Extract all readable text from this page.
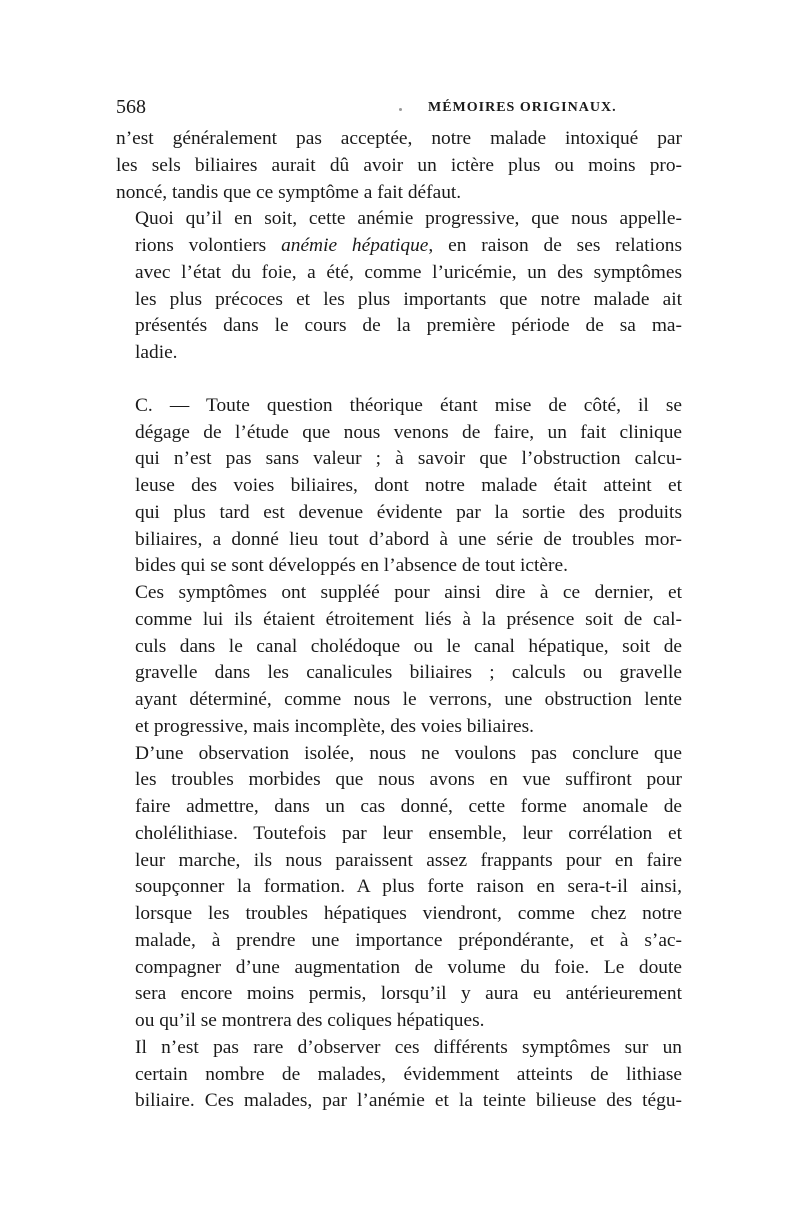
568	MÉMOIRES ORIGINAUX.

n’est généralement pas acceptée, notre malade intoxiqué par
les sels biliaires aurait dû avoir un ictère plus ou moins pro-
noncé, tandis que ce symptôme a fait défaut.

Quoi qu’il en soit, cette anémie progressive, que nous appelle-
rions volontiers anémie hépatique, en raison de ses relations
avec l’état du foie, a été, comme l’uricémie, un des symptômes
les plus précoces et les plus importants que notre malade ait
présentés dans le cours de la première période de sa ma-
ladie.

C. — Toute question théorique étant mise de côté, il se
dégage de l’étude que nous venons de faire, un fait clinique
qui n’est pas sans valeur ; à savoir que l’obstruction calcu-
leuse des voies biliaires, dont notre malade était atteint et
qui plus tard est devenue évidente par la sortie des produits
biliaires, a donné lieu tout d’abord à une série de troubles mor-
bides qui se sont développés en l’absence de tout ictère.

Ces symptômes ont suppléé pour ainsi dire à ce dernier, et
comme lui ils étaient étroitement liés à la présence soit de cal-
culs dans le canal cholédoque ou le canal hépatique, soit de
gravelle dans les canalicules biliaires ; calculs ou gravelle
ayant déterminé, comme nous le verrons, une obstruction lente
et progressive, mais incomplète, des voies biliaires.

D’une observation isolée, nous ne voulons pas conclure que
les troubles morbides que nous avons en vue suffiront pour
faire admettre, dans un cas donné, cette forme anomale de
cholélithiase. Toutefois par leur ensemble, leur corrélation et
leur marche, ils nous paraissent assez frappants pour en faire
soupçonner la formation. A plus forte raison en sera-t-il ainsi,
lorsque les troubles hépatiques viendront, comme chez notre
malade, à prendre une importance prépondérante, et à s’ac-
compagner d’une augmentation de volume du foie. Le doute
sera encore moins permis, lorsqu’il y aura eu antérieurement
ou qu’il se montrera des coliques hépatiques.

Il n’est pas rare d’observer ces différents symptômes sur un
certain nombre de malades, évidemment atteints de lithiase
biliaire. Ces malades, par l’anémie et la teinte bilieuse des tégu-
